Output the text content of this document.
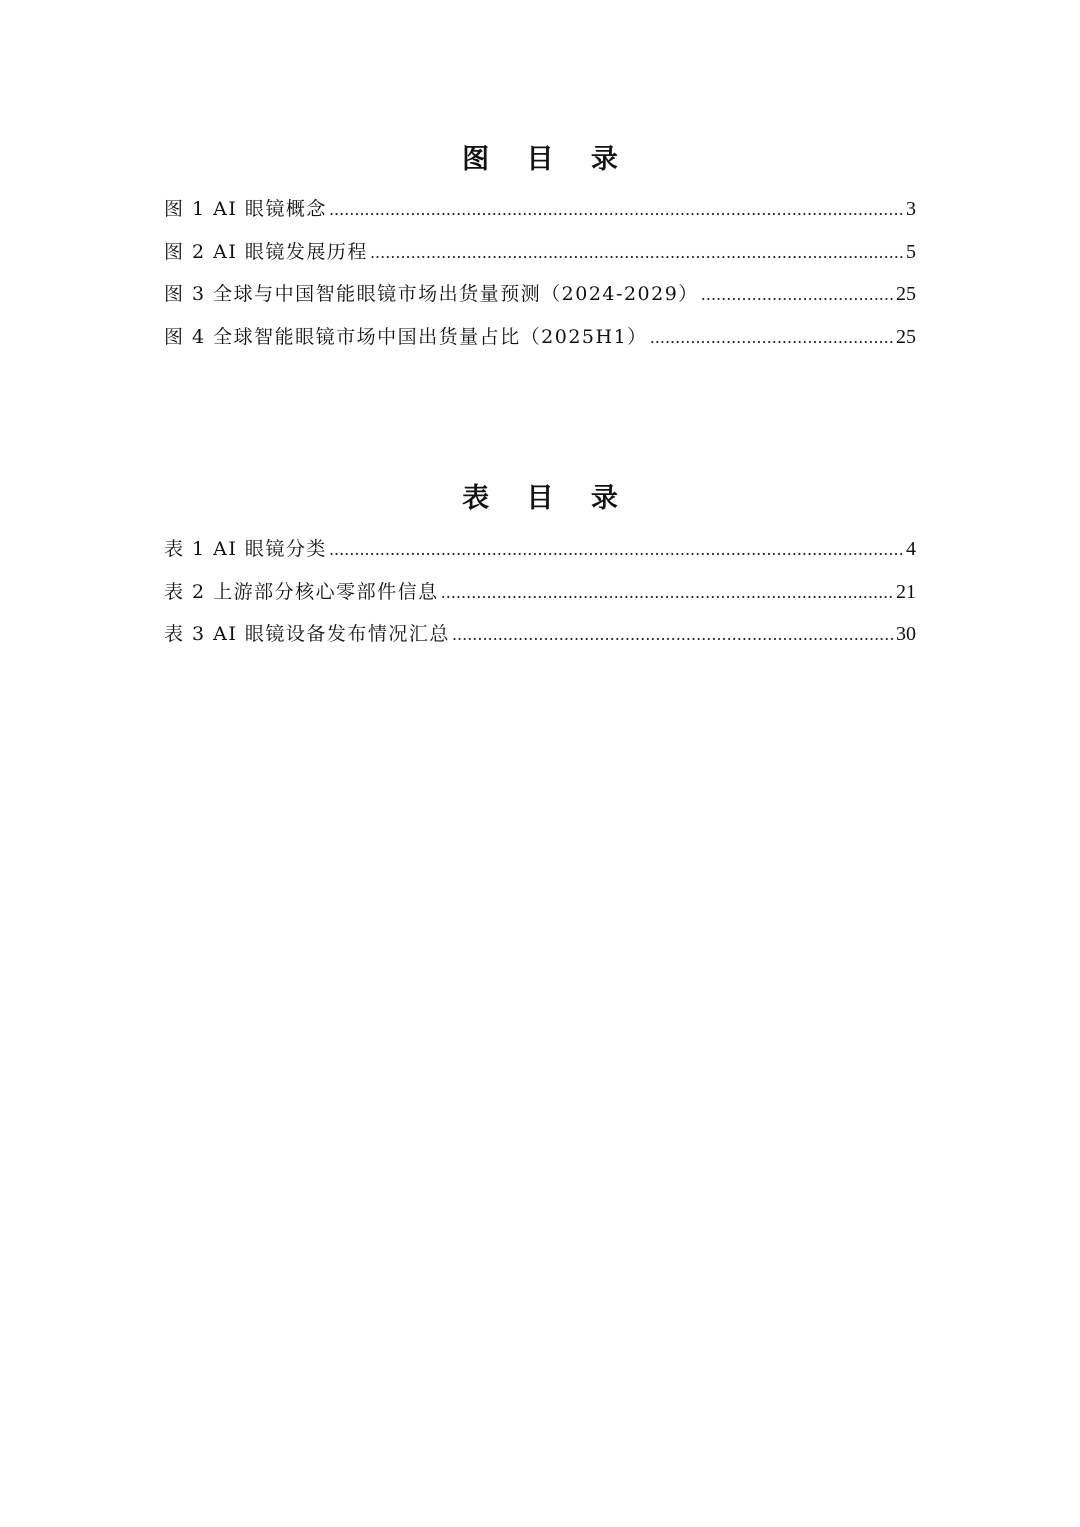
图 目 录
图 1 AI 眼镜概念 .....	3
图 2 AI 眼镜发展历程 .....	5
图 3 全球与中国智能眼镜市场出货量预测（2024-2029） .....	25
图 4 全球智能眼镜市场中国出货量占比（2025H1） .....	25
表 目 录
表 1 AI 眼镜分类 .....	4
表 2 上游部分核心零部件信息 .....	21
表 3 AI 眼镜设备发布情况汇总 .....	30
